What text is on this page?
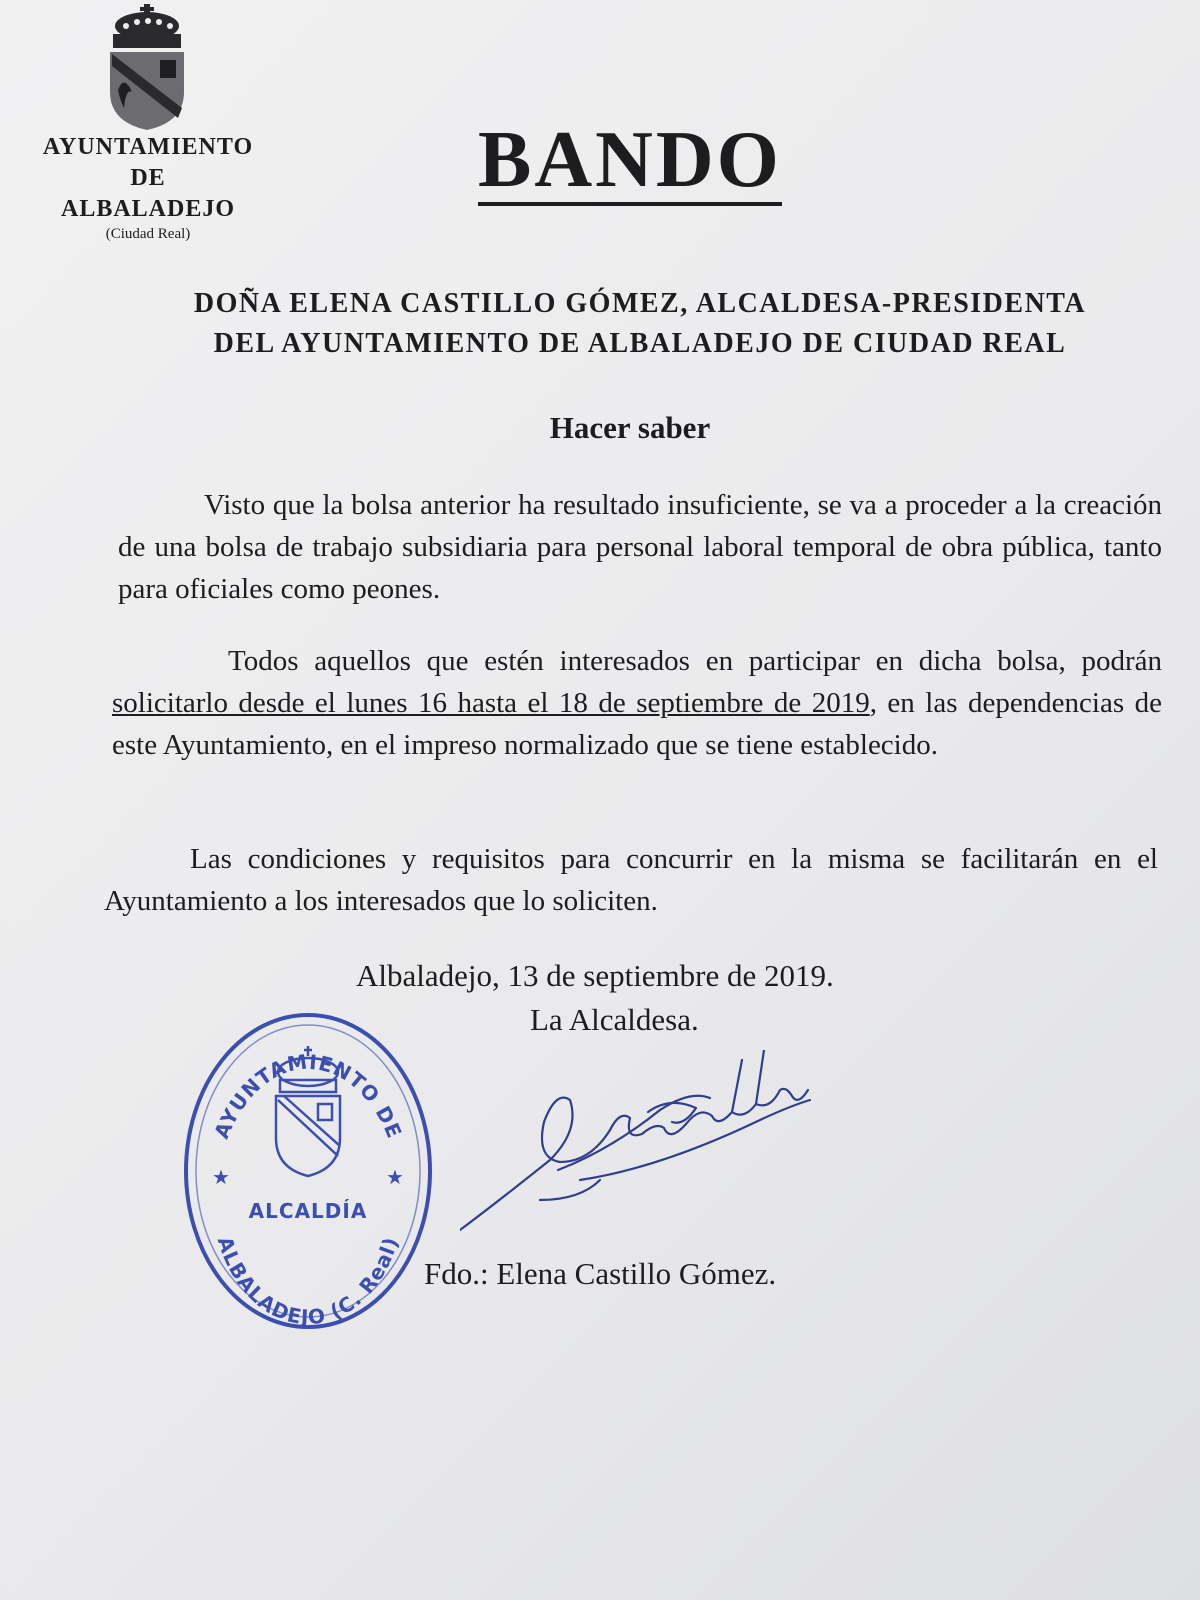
AYUNTAMIENTO
DE
ALBALADEJO
(Ciudad Real)
BANDO
DOÑA ELENA CASTILLO GÓMEZ, ALCALDESA-PRESIDENTA
DEL AYUNTAMIENTO DE ALBALADEJO DE CIUDAD REAL
Hacer saber
Visto que la bolsa anterior ha resultado insuficiente, se va a proceder a la creación de una bolsa de trabajo subsidiaria para personal laboral temporal de obra pública, tanto para oficiales como peones.
Todos aquellos que estén interesados en participar en dicha bolsa, podrán solicitarlo desde el lunes 16 hasta el 18 de septiembre de 2019, en las dependencias de este Ayuntamiento, en el impreso normalizado que se tiene establecido.
Las condiciones y requisitos para concurrir en la misma se facilitarán en el Ayuntamiento a los interesados que lo soliciten.
Albaladejo, 13 de septiembre de 2019.
La Alcaldesa.
AYUNTAMIENTO DE
ALBALADEJO (C. Real)
★	★
ALCALDÍA
Fdo.: Elena Castillo Gómez.
